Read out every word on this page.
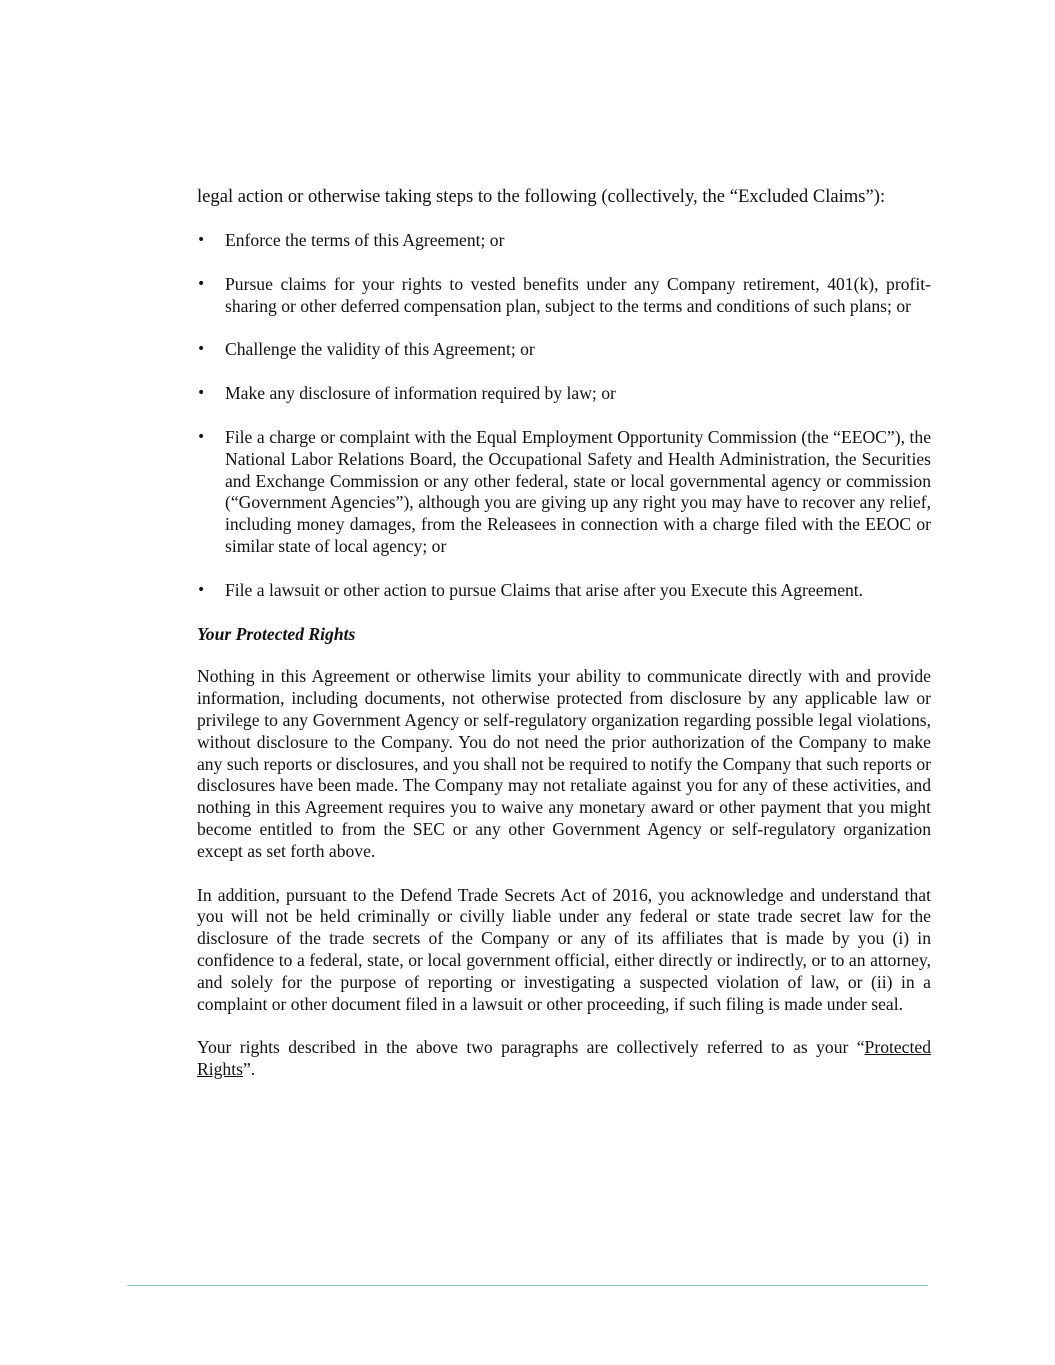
legal action or otherwise taking steps to the following (collectively, the “Excluded Claims”):

• Enforce the terms of this Agreement; or
• Pursue claims for your rights to vested benefits under any Company retirement, 401(k), profit-sharing or other deferred compensation plan, subject to the terms and conditions of such plans; or
• Challenge the validity of this Agreement; or
• Make any disclosure of information required by law; or
• File a charge or complaint with the Equal Employment Opportunity Commission (the “EEOC”), the National Labor Relations Board, the Occupational Safety and Health Administration, the Securities and Exchange Commission or any other federal, state or local governmental agency or commission (“Government Agencies”), although you are giving up any right you may have to recover any relief, including money damages, from the Releasees in connection with a charge filed with the EEOC or similar state of local agency; or
• File a lawsuit or other action to pursue Claims that arise after you Execute this Agreement.
Your Protected Rights

Nothing in this Agreement or otherwise limits your ability to communicate directly with and provide information, including documents, not otherwise protected from disclosure by any applicable law or privilege to any Government Agency or self-regulatory organization regarding possible legal violations, without disclosure to the Company. You do not need the prior authorization of the Company to make any such reports or disclosures, and you shall not be required to notify the Company that such reports or disclosures have been made. The Company may not retaliate against you for any of these activities, and nothing in this Agreement requires you to waive any monetary award or other payment that you might become entitled to from the SEC or any other Government Agency or self-regulatory organization except as set forth above.

In addition, pursuant to the Defend Trade Secrets Act of 2016, you acknowledge and understand that you will not be held criminally or civilly liable under any federal or state trade secret law for the disclosure of the trade secrets of the Company or any of its affiliates that is made by you (i) in confidence to a federal, state, or local government official, either directly or indirectly, or to an attorney, and solely for the purpose of reporting or investigating a suspected violation of law, or (ii) in a complaint or other document filed in a lawsuit or other proceeding, if such filing is made under seal.

Your rights described in the above two paragraphs are collectively referred to as your “Protected Rights”.
